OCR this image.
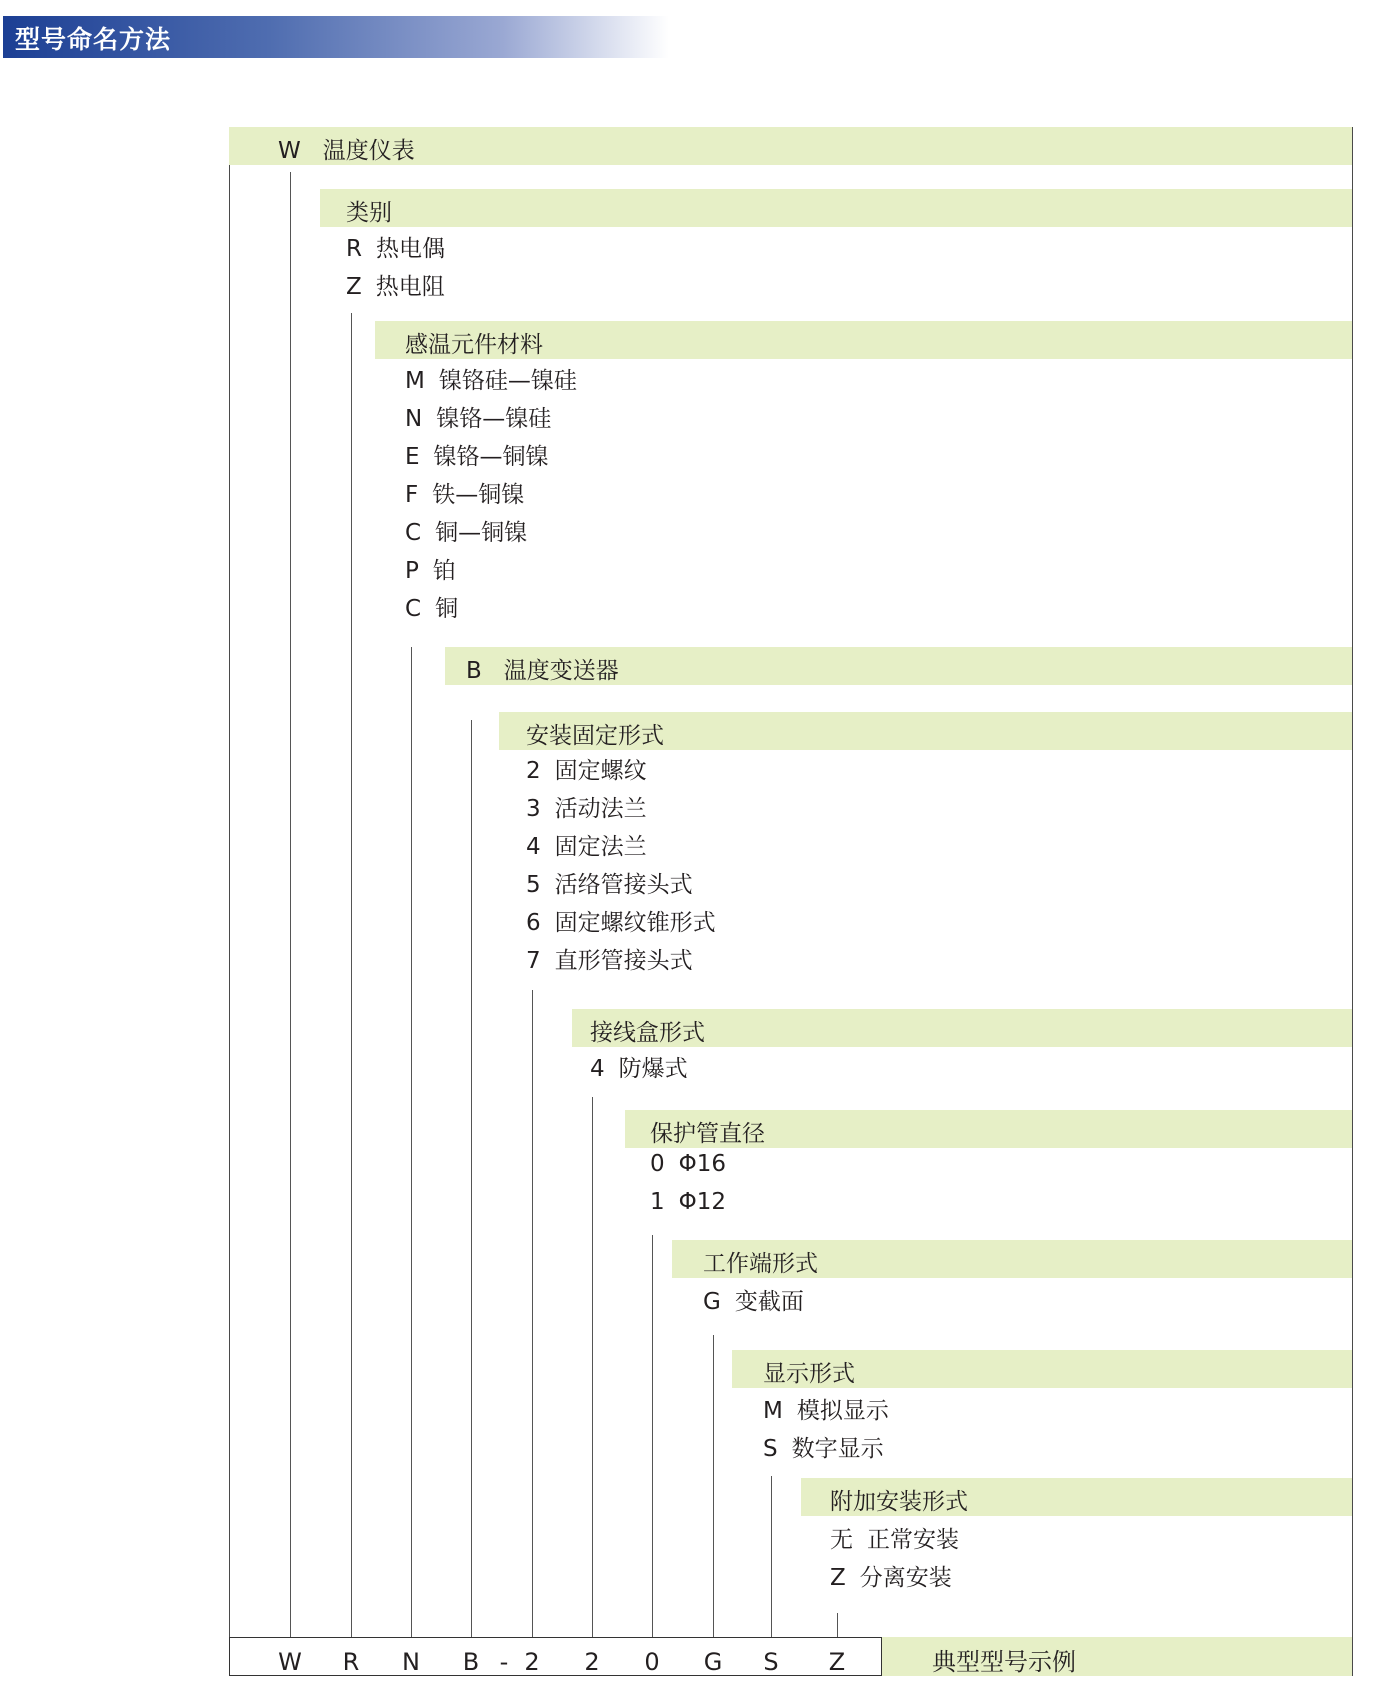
型号命名方法
W 温度仪表
类别
R 热电偶
Z 热电阻
感温元件材料
M 镍铬硅—镍硅
N 镍铬—镍硅
E 镍铬—铜镍
F 铁—铜镍
C 铜—铜镍
P 铂
C 铜
B 温度变送器
安装固定形式
2 固定螺纹
3 活动法兰
4 固定法兰
5 活络管接头式
6 固定螺纹锥形式
7 直形管接头式
接线盒形式
4 防爆式
保护管直径
0 Φ16
1 Φ12
工作端形式
G 变截面
显示形式
M 模拟显示
S 数字显示
附加安装形式
无 正常安装
Z 分离安装
W R N B - 2 2 0 G S Z	典型型号示例
